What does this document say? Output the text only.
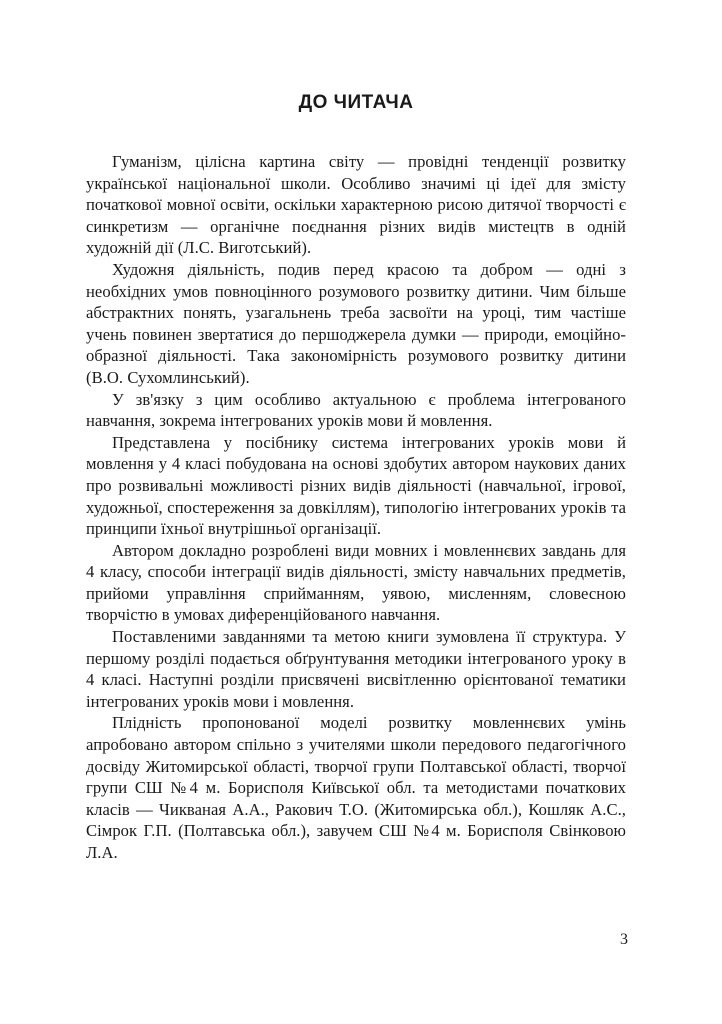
ДО ЧИТАЧА

Гуманізм, цілісна картина світу — провідні тенденції розвитку української національної школи. Особливо значимі ці ідеї для змісту початкової мовної освіти, оскільки характерною рисою дитячої творчості є синкретизм — органічне поєднання різних видів мистецтв в одній художній дії (Л.С. Виготський).

Художня діяльність, подив перед красою та добром — одні з необхідних умов повноцінного розумового розвитку дитини. Чим більше абстрактних понять, узагальнень треба засвоїти на уроці, тим частіше учень повинен звертатися до першоджерела думки — природи, емоційно-образної діяльності. Така закономірність розумового розвитку дитини (В.О. Сухомлинський).

У зв'язку з цим особливо актуальною є проблема інтегрованого навчання, зокрема інтегрованих уроків мови й мовлення.

Представлена у посібнику система інтегрованих уроків мови й мовлення у 4 класі побудована на основі здобутих автором наукових даних про розвивальні можливості різних видів діяльності (навчальної, ігрової, художньої, спостереження за довкіллям), типологію інтегрованих уроків та принципи їхньої внутрішньої організації.

Автором докладно розроблені види мовних і мовленнєвих завдань для 4 класу, способи інтеграції видів діяльності, змісту навчальних предметів, прийоми управління сприйманням, уявою, мисленням, словесною творчістю в умовах диференційованого навчання.

Поставленими завданнями та метою книги зумовлена її структура. У першому розділі подається обґрунтування методики інтегрованого уроку в 4 класі. Наступні розділи присвячені висвітленню орієнтованої тематики інтегрованих уроків мови і мовлення.

Плідність пропонованої моделі розвитку мовленнєвих умінь апробовано автором спільно з учителями школи передового педагогічного досвіду Житомирської області, творчої групи Полтавської області, творчої групи СШ №4 м. Борисполя Київської обл. та методистами початкових класів — Чикваная А.А., Ракович Т.О. (Житомирська обл.), Кошляк А.С., Сімрок Г.П. (Полтавська обл.), завучем СШ №4 м. Борисполя Свінковою Л.А.

3
